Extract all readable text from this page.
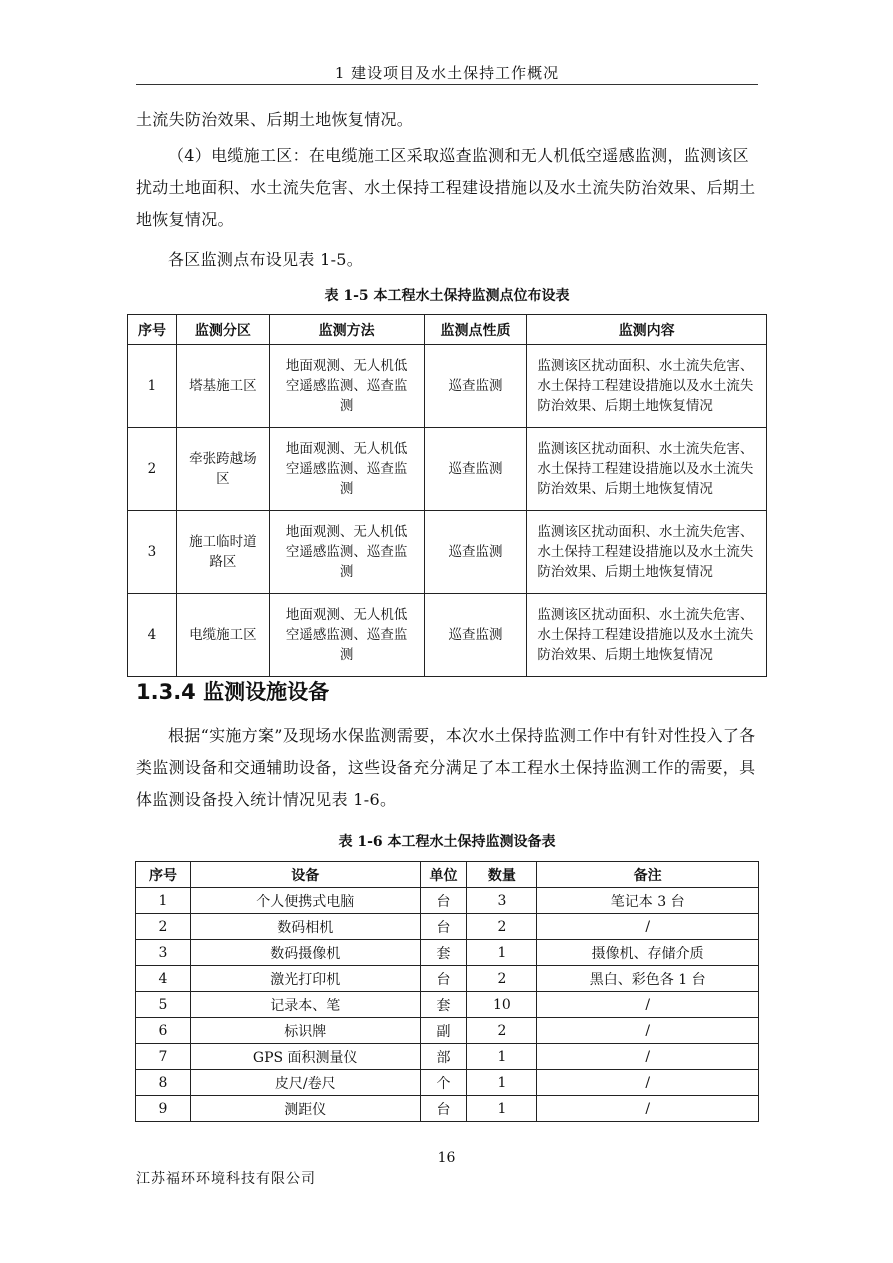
1 建设项目及水土保持工作概况
土流失防治效果、后期土地恢复情况。
（4）电缆施工区：在电缆施工区采取巡查监测和无人机低空遥感监测，监测该区扰动土地面积、水土流失危害、水土保持工程建设措施以及水土流失防治效果、后期土地恢复情况。
各区监测点布设见表 1-5。
表 1-5 本工程水土保持监测点位布设表
序号	监测分区	监测方法	监测点性质	监测内容
1	塔基施工区	地面观测、无人机低空遥感监测、巡查监测	巡查监测	监测该区扰动面积、水土流失危害、水土保持工程建设措施以及水土流失防治效果、后期土地恢复情况
2	牵张跨越场区	地面观测、无人机低空遥感监测、巡查监测	巡查监测	监测该区扰动面积、水土流失危害、水土保持工程建设措施以及水土流失防治效果、后期土地恢复情况
3	施工临时道路区	地面观测、无人机低空遥感监测、巡查监测	巡查监测	监测该区扰动面积、水土流失危害、水土保持工程建设措施以及水土流失防治效果、后期土地恢复情况
4	电缆施工区	地面观测、无人机低空遥感监测、巡查监测	巡查监测	监测该区扰动面积、水土流失危害、水土保持工程建设措施以及水土流失防治效果、后期土地恢复情况
1.3.4 监测设施设备
根据“实施方案”及现场水保监测需要，本次水土保持监测工作中有针对性投入了各类监测设备和交通辅助设备，这些设备充分满足了本工程水土保持监测工作的需要，具体监测设备投入统计情况见表 1-6。
表 1-6 本工程水土保持监测设备表
序号	设备	单位	数量	备注
1	个人便携式电脑	台	3	笔记本 3 台
2	数码相机	台	2	/
3	数码摄像机	套	1	摄像机、存储介质
4	激光打印机	台	2	黑白、彩色各 1 台
5	记录本、笔	套	10	/
6	标识牌	副	2	/
7	GPS 面积测量仪	部	1	/
8	皮尺/卷尺	个	1	/
9	测距仪	台	1	/
16
江苏福环环境科技有限公司
